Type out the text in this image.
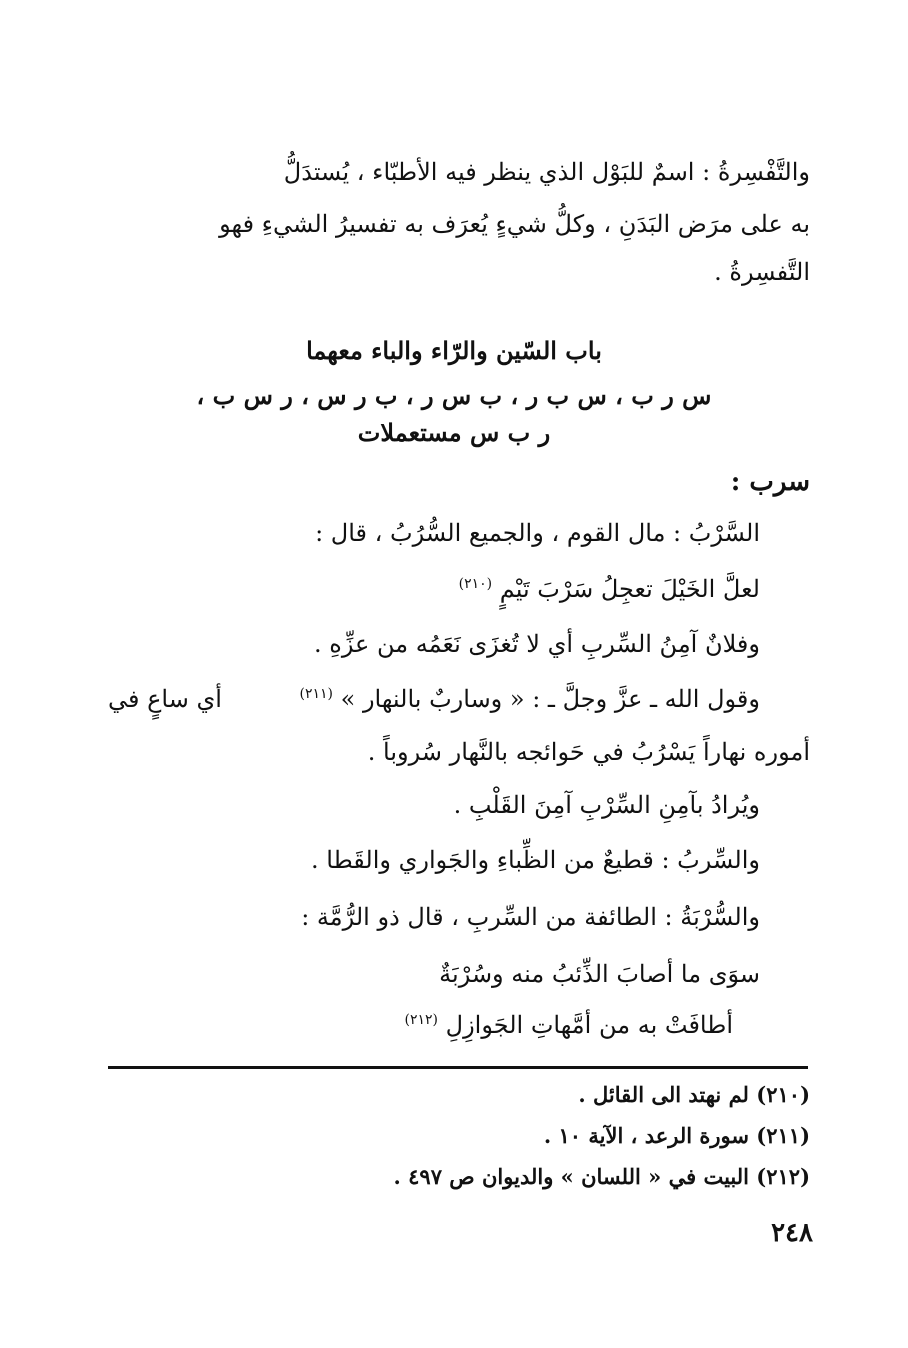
والتَّفْسِرةُ : اسمٌ للبَوْل الذي ينظر فيه الأطبّاء ، يُستدَلُّ
به على مرَض البَدَنِ ، وكلُّ شيءٍ يُعرَف به تفسيرُ الشيءِ فهو
التَّفسِرةُ .
باب السّين والرّاء والباء معهما
س ر ب ، س ب ر ، ب س ر ، ب ر س ، ر س ب ،
ر ب س مستعملات
سرب :
السَّرْبُ : مال القوم ، والجميع السُّرُبُ ، قال :
لعلَّ الخَيْلَ تعجِلُ سَرْبَ تَيْمٍ $^{(٢١٠)}$
وفلانٌ آمِنُ السِّربِ أي لا تُغزَى نَعَمُه من عزِّهِ .
وقول الله ـ عزَّ وجلَّ ـ : « وساربٌ بالنهار » $^{(٢١١)}$
أي ساعٍ في
أموره نهاراً يَسْرُبُ في حَوائجه بالنَّهار سُروباً .
ويُرادُ بآمِنِ السِّرْبِ آمِنَ القَلْبِ .
والسِّربُ : قطيعٌ من الظِّباءِ والجَواري والقَطا .
والسُّرْبَةُ : الطائفة من السِّربِ ، قال ذو الرُّمَّة :
سوَى ما أصابَ الذِّئبُ منه وسُرْبَةٌ
أطافَتْ به من أمَّهاتِ الجَوازِلِ $^{(٢١٢)}$
(٢١٠) لم نهتد الى القائل .
(٢١١) سورة الرعد ، الآية ١٠ .
(٢١٢) البيت في « اللسان » والديوان ص ٤٩٧ .
٢٤٨
